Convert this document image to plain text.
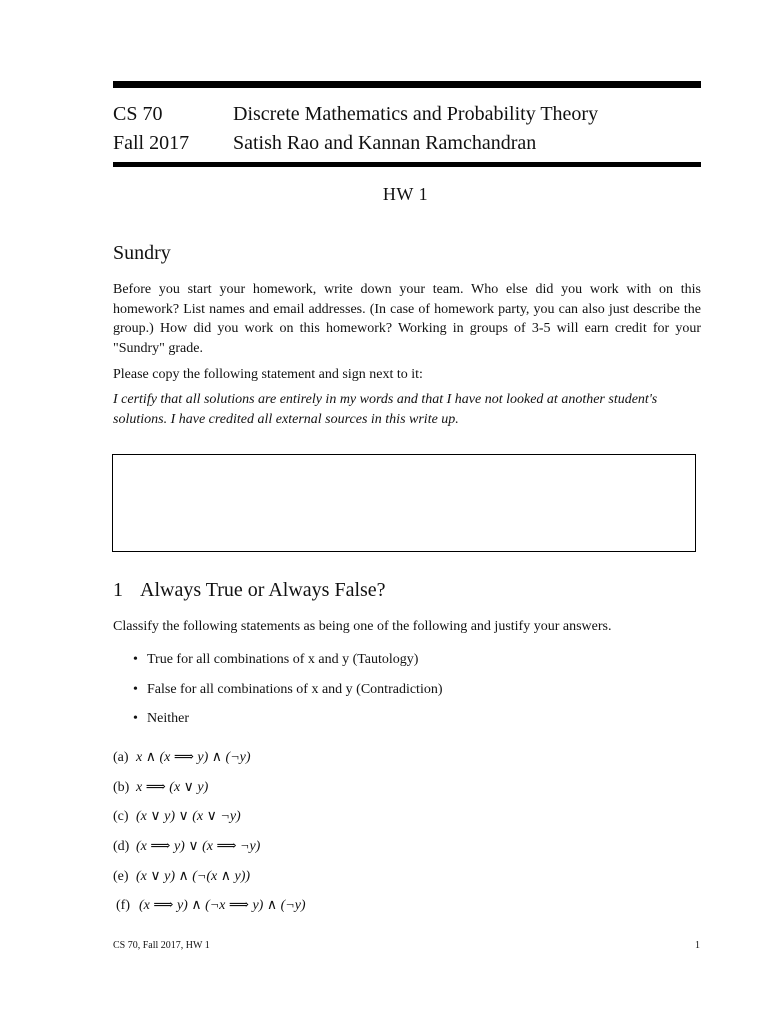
CS 70
Fall 2017
Discrete Mathematics and Probability Theory
Satish Rao and Kannan Ramchandran
HW 1
Sundry

Before you start your homework, write down your team. Who else did you work with on this homework? List names and email addresses. (In case of homework party, you can also just describe the group.) How did you work on this homework? Working in groups of 3-5 will earn credit for your "Sundry" grade.

Please copy the following statement and sign next to it:

I certify that all solutions are entirely in my words and that I have not looked at another student's solutions. I have credited all external sources in this write up.

1 Always True or Always False?

Classify the following statements as being one of the following and justify your answers.

• True for all combinations of x and y (Tautology)
• False for all combinations of x and y (Contradiction)
• Neither
(a) x ∧ (x ⟹ y) ∧ (¬y)
(b) x ⟹ (x ∨ y)
(c) (x ∨ y) ∨ (x ∨ ¬y)
(d) (x ⟹ y) ∨ (x ⟹ ¬y)
(e) (x ∨ y) ∧ (¬(x ∧ y))
(f) (x ⟹ y) ∧ (¬x ⟹ y) ∧ (¬y)
CS 70, Fall 2017, HW 1	1
